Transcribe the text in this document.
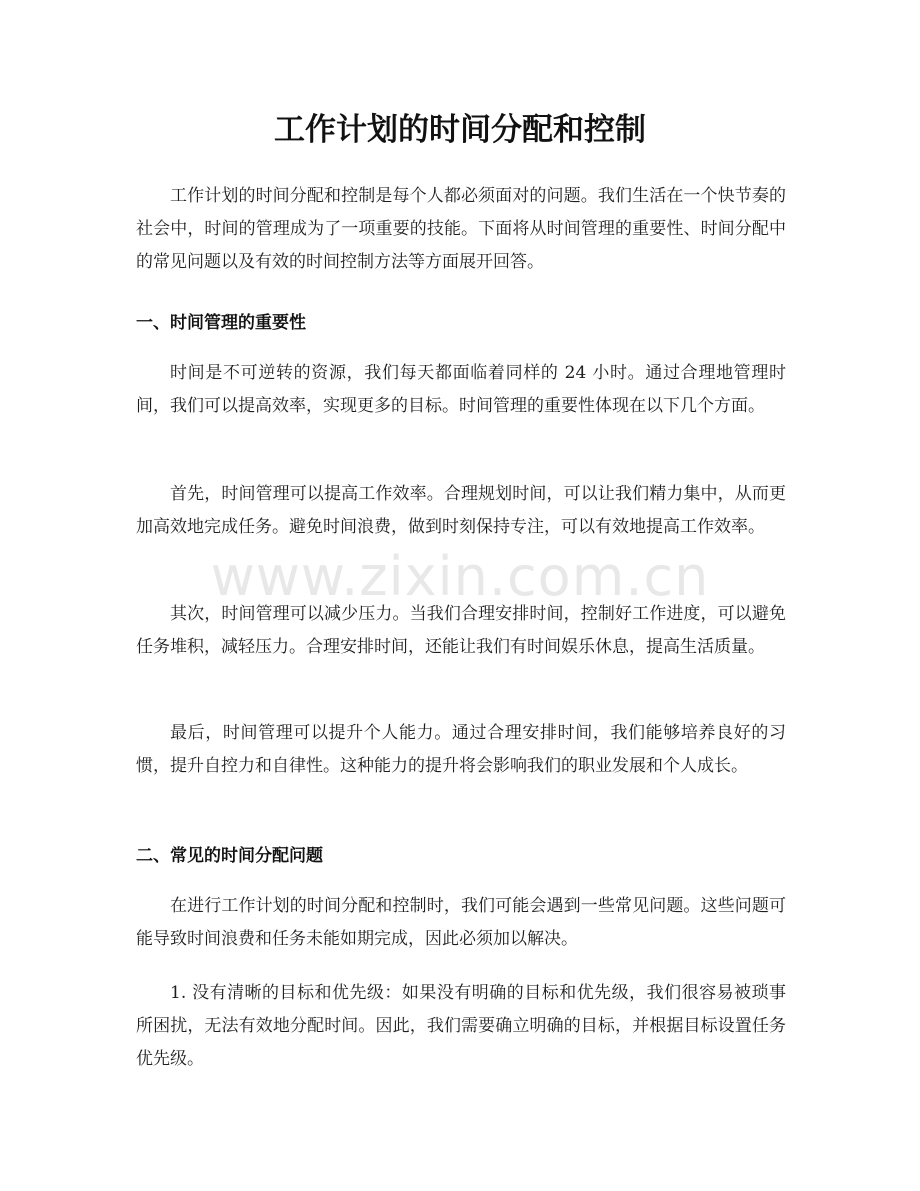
工作计划的时间分配和控制

工作计划的时间分配和控制是每个人都必须面对的问题。我们生活在一个快节奏的社会中，时间的管理成为了一项重要的技能。下面将从时间管理的重要性、时间分配中的常见问题以及有效的时间控制方法等方面展开回答。

一、时间管理的重要性

时间是不可逆转的资源，我们每天都面临着同样的 24 小时。通过合理地管理时间，我们可以提高效率，实现更多的目标。时间管理的重要性体现在以下几个方面。

首先，时间管理可以提高工作效率。合理规划时间，可以让我们精力集中，从而更加高效地完成任务。避免时间浪费，做到时刻保持专注，可以有效地提高工作效率。

其次，时间管理可以减少压力。当我们合理安排时间，控制好工作进度，可以避免任务堆积，减轻压力。合理安排时间，还能让我们有时间娱乐休息，提高生活质量。

最后，时间管理可以提升个人能力。通过合理安排时间，我们能够培养良好的习惯，提升自控力和自律性。这种能力的提升将会影响我们的职业发展和个人成长。

二、常见的时间分配问题

在进行工作计划的时间分配和控制时，我们可能会遇到一些常见问题。这些问题可能导致时间浪费和任务未能如期完成，因此必须加以解决。

1. 没有清晰的目标和优先级：如果没有明确的目标和优先级，我们很容易被琐事所困扰，无法有效地分配时间。因此，我们需要确立明确的目标，并根据目标设置任务优先级。

www.zixin.com.cn
